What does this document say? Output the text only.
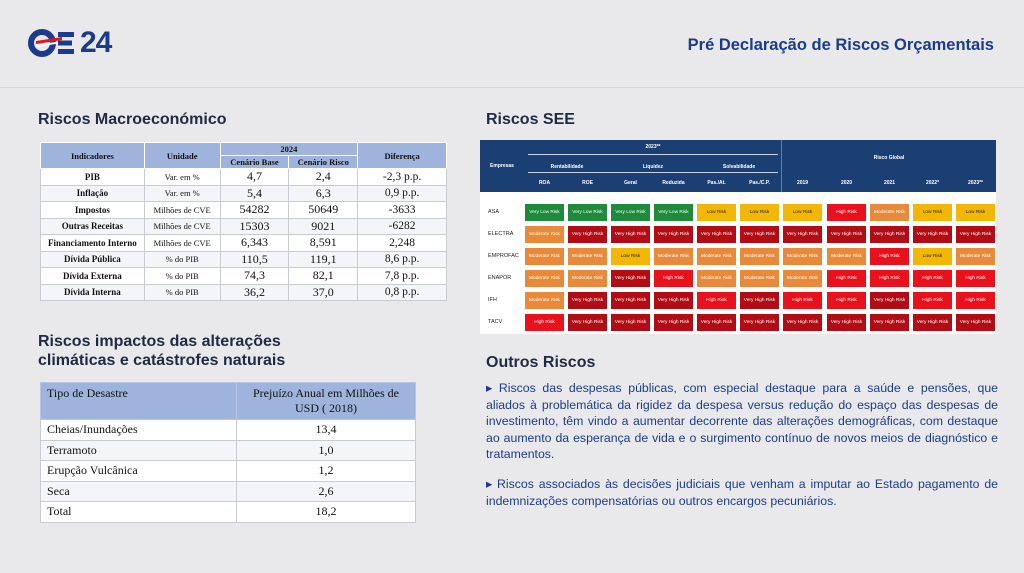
24	Pré Declaração de Riscos Orçamentais
Riscos Macroeconómico
Indicadores	Unidade	2024		Diferença
		Cenário Base	Cenário Risco	
PIB	Var. em %	4,7	2,4	-2,3 p.p.
Inflação	Var. em %	5,4	6,3	0,9 p.p.
Impostos	Milhões de CVE	54282	50649	-3633
Outras Receitas	Milhões de CVE	15303	9021	-6282
Financiamento Interno	Milhões de CVE	6,343	8,591	2,248
Dívida Pública	% do PIB	110,5	119,1	8,6 p.p.
Dívida Externa	% do PIB	74,3	82,1	7,8 p.p.
Dívida Interna	% do PIB	36,2	37,0	0,8 p.p.
Riscos impactos das alterações
climáticas e catástrofes naturais
Tipo de Desastre	Prejuízo Anual em Milhões de USD ( 2018)
Cheias/Inundações	13,4
Terramoto	1,0
Erupção Vulcânica	1,2
Seca	2,6
Total	18,2
Riscos SEE
Empresas
2023**
Rentabilidade	Liquidez	Solvabilidade
Risco Global
ROA	ROE	Geral	Reduzida	Pas./At.	Pas./C.P.	2019	2020	2021	2022*	2023**
ASA	Very Low Risk	Very Low Risk	Very Low Risk	Very Low Risk	Low Risk	Low Risk	Low Risk	High Risk	Moderate Risk	Low Risk	Low Risk
ELECTRA	Moderate Risk	Very High Risk	Very High Risk	Very High Risk	Very High Risk	Very High Risk	Very High Risk	Very High Risk	Very High Risk	Very High Risk	Very High Risk
EMPROFAC	Moderate Risk	Moderate Risk	Low Risk	Moderate Risk	Moderate Risk	Moderate Risk	Moderate Risk	Moderate Risk	High Risk	Low Risk	Moderate Risk
ENAPOR	Moderate Risk	Moderate Risk	Very High Risk	High Risk	Moderate Risk	Moderate Risk	Moderate Risk	High Risk	High Risk	High Risk	High Risk
IFH	Moderate Risk	Very High Risk	Very High Risk	Very High Risk	High Risk	Very High Risk	High Risk	High Risk	Very High Risk	High Risk	High Risk
TACV	High Risk	Very High Risk	Very High Risk	Very High Risk	Very High Risk	Very High Risk	Very High Risk	Very High Risk	Very High Risk	Very High Risk	Very High Risk
Outros Riscos

▸ Riscos das despesas públicas, com especial destaque para a saúde e pensões, que aliados à problemática da rigidez da despesa versus redução do espaço das despesas de investimento, têm vindo a aumentar decorrente das alterações demográficas, com destaque ao aumento da esperança de vida e o surgimento contínuo de novos meios de diagnóstico e tratamentos.

▸ Riscos associados às decisões judiciais que venham a imputar ao Estado pagamento de indemnizações compensatórias ou outros encargos pecuniários.
